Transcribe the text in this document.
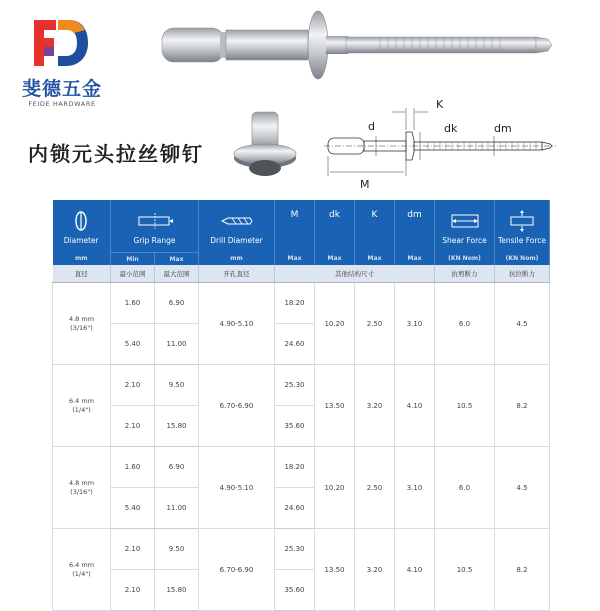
斐德五金
FEIDE HARDWARE
内锁元头拉丝铆钉
d
K
dk	dm
M
Diameter	Grip Range		Drill Diameter	M	dk	K	dm	Shear Force	Tensile Force

mm	Min	Max	mm	Max	Max	Max	Max	(KN Nom)	(KN Nom)
直径	最小范围	最大范围	开孔直径	其他结构尺寸				抗剪断力	抗拉断力
4.8 mm
(3/16")	1.60	6.90	4.90-5.10	18.20	10.20	2.50	3.10	6.0	4.5
	5.40	11.00		24.60					
6.4 mm
(1/4")	2.10	9.50	6.70-6.90	25.30	13.50	3.20	4.10	10.5	8.2
	2.10	15.80		35.60					
4.8 mm
(3/16")	1.60	6.90	4.90-5.10	18.20	10.20	2.50	3.10	6.0	4.5
	5.40	11.00		24.60					
6.4 mm
(1/4")	2.10	9.50	6.70-6.90	25.30	13.50	3.20	4.10	10.5	8.2
	2.10	15.80		35.60					
